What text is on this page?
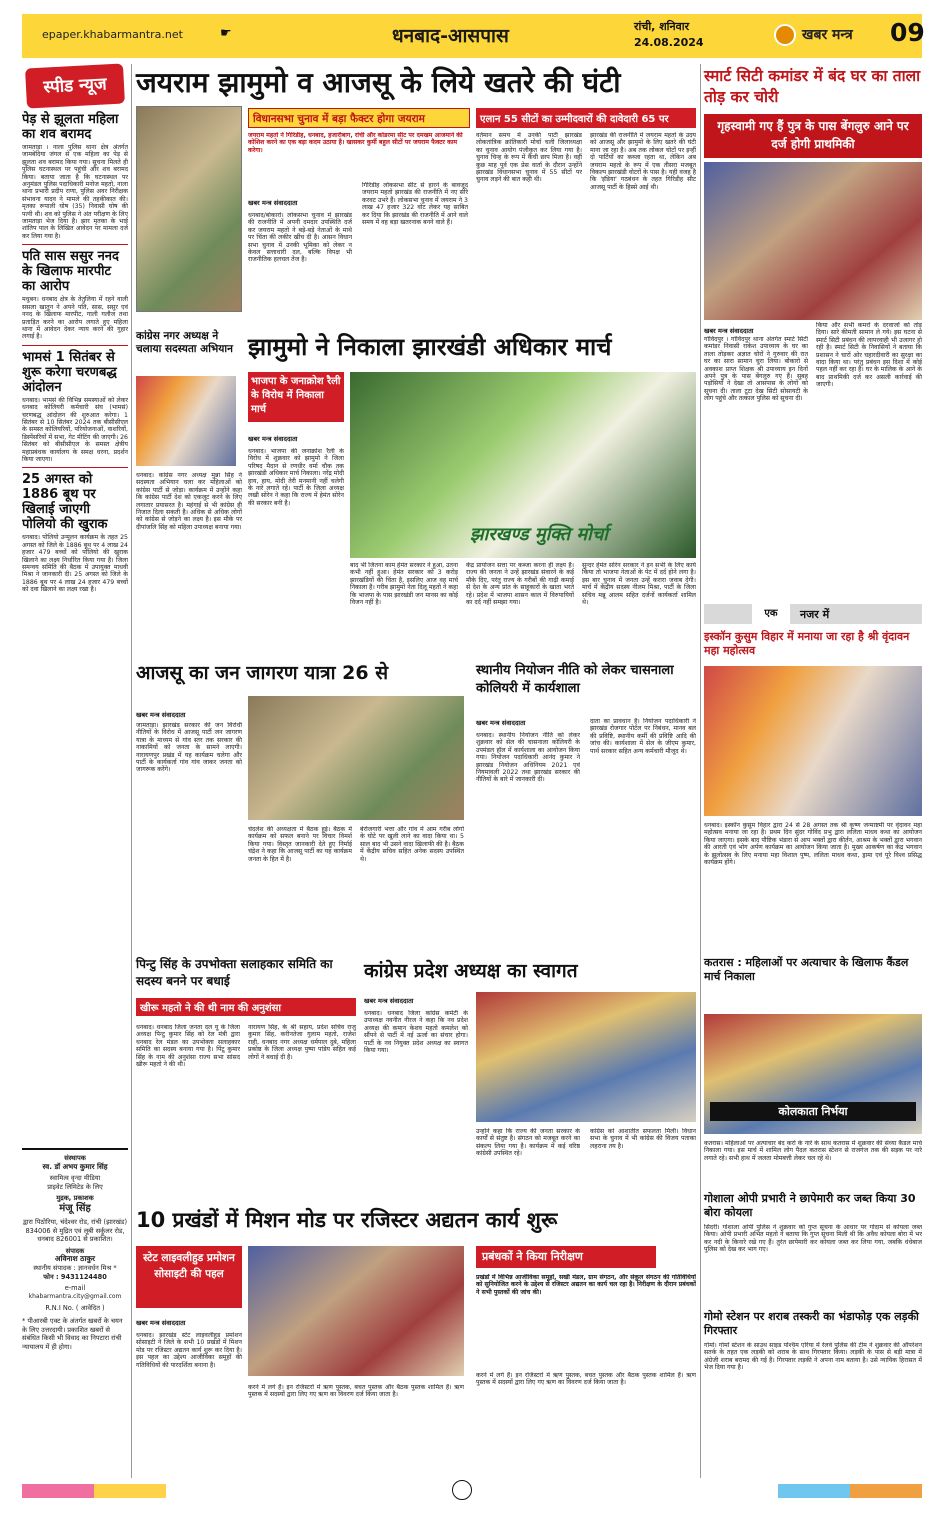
epaper.khabarmantra.net	☛	धनबाद-आसपास	रांची, शनिवार
24.08.2024	खबर मन्त्र 09
स्पीड न्यूज
पेड़ से झूलता महिला का शव बरामद
जामताड़ा । नाला पुलिस थाना क्षेत्र अंतर्गत जामबेदिया जंगल से एक महिला का पेड़ से झूलता शव बरामद किया गया। सूचना मिलते ही पुलिस घटनास्थल पर पहुंची और शव बरामद किया। बताया जाता है कि घटनास्थल पर अनुमंडल पुलिस पदाधिकारी मनोज महतो, नाला थाना प्रभारी प्रदीप राणा, पुलिस अवर निरीक्षक संभावना यादव ने मामले की तहकीकात की। मृतका रूपाली घोष (35) निवासी घोष की पत्नी थी। शव को पुलिस ने अंत परीक्षण के लिए जामताड़ा भेज दिया है। झार मृतका के भाई शांतिप पाल के लिखित आवेदन पर मामला दर्ज कर लिया गया है।
पति सास ससुर ननद के खिलाफ मारपीट का आरोप
मधुबन। धनबाद क्षेत्र के तेतुलिया में रहने वाली ससला खातून ने अपने पति, सास, ससुर एवं ननद के खिलाफ मारपीट, गाली गलौज तथा प्रताड़ित करने का आरोप लगाते हुए महिला थाना में आवेदन देकर न्याय करने की गुहार लगाई है।
भामसं 1 सितंबर से शुरू करेगा चरणबद्ध आंदोलन
धनबाद। भामसं की विभिन्न समस्याओं को लेकर धनबाद कोलियरी कर्मचारी संघ (भामसं) चरणबद्ध आंदोलन की शुरुआत करेगा। 1 सितंबर से 10 सितंबर 2024 तक बीसीसीएल के समस्त कोलियरियों, परियोजनाओं, वाशरियों, डिस्पेंसरियों में सभा, गेट मीटिंग की जाएगी। 26 सितंबर को बीसीसीएल के समस्त क्षेत्रीय महाप्रबंधक कार्यालय के समक्ष धरना, प्रदर्शन किया जाएगा।
25 अगस्त को 1886 बूथ पर खिलाई जाएगी पोलियो की खुराक
धनबाद। पोलियो उन्मूलन कार्यक्रम के तहत 25 अगस्त को जिले के 1886 बूथ पर 4 लाख 24 हजार 479 बच्चों को पोलियो की खुराक खिलाने का लक्ष्य निर्धारित किया गया है। जिला समन्वय समिति की बैठक में उपायुक्त माधवी मिश्रा ने जानकारी दी। 25 अगस्त को जिले के 1886 बूथ पर 4 लाख 24 हजार 479 बच्चों को दवा खिलाने का लक्ष्य रखा है।
संस्थापक
स्व. डॉ अभय कुमार सिंह
स्वामित्व वृन्दा मीडिया
प्राइवेट लिमिटेड के लिए
मुद्रक, प्रकाशक
मंजू सिंह
द्वारा पिठोरिया, चंदेश्वर रोड, रांची (झारखंड) 834006 से मुद्रित एवं लूबी सर्कुलर रोड, धनबाद 826001 से प्रकाशित।
संपादक
अविनाश ठाकुर
स्थानीय संपादक : ज्ञानवर्धन मिश्र *
फोन : 9431124480
e-mail
khabarmantra.city@gmail.com
R.N.I No. ( आवेदित )
* पीआरबी एक्ट के अंतर्गत खबरों के चयन के लिए उत्तरदायी। प्रकाशित खबरों से संबंधित किसी भी विवाद का निपटारा रांची न्यायालय में ही होगा।
जयराम झामुमो व आजसू के लिये खतरे की घंटी
विधानसभा चुनाव में बड़ा फैक्टर होगा जयराम	एलान 55 सीटों का उम्मीदवारों की दावेदारी 65 पर
जयराम महतो ने गिरिडीह, धनबाद, हजारीबाग, रांची और कोडरमा सीट पर दमखम आजमाने की कोशिश करने का एक बड़ा कदम उठाया है। खासकर कुर्मी बहुल सीटों पर जयराम फैक्टर काम करेगा।
खबर मन्त्र संवाददाता
धनबाद/बोकारो। लोकसभा चुनाव में झारखंड की राजनीति में अपनी दमदार उपस्थिति दर्ज कर जयराम महतो ने बड़े-बड़े नेताओं के माथे पर चिंता की लकीर खींच दी है। आसन विधान सभा चुनाव में उनकी भूमिका को लेकर न केवल सत्ताधारी दल, बल्कि विपक्ष भी राजनीतिक हलचल तेज है।
गिरिडीह लोकसभा सीट से हारने के बावजूद जयराम महतो झारखंड की राजनीति में नए सीरे करवट उभरे हैं। लोकसभा चुनाव में जयराम ने 3 लाख 47 हजार 322 वोट लेकर यह साबित कर दिया कि झारखंड की राजनीति में आने वाले समय में वह बड़ा खतरनाक बनने वाले हैं।
वर्तमान समय में उनकी पार्टी झारखंड लोकतांत्रिक क्रांतिकारी मोर्चा चली जिलाध्यक्षा का चुनाव आयोग पंजीकृत कर लिया गया है। चुनाव चिन्ह के रूप में कैंची छाप मिला है। वहीं कुछ माह पूर्व एक प्रेस वार्ता के दौरान उन्होंने झारखंड विधानसभा चुनाव में 55 सीटों पर चुनाव लड़ने की बात कही थी।
झारखंड की राजनीति में जयराम महतो के उदय को आजसू और झामुमो के लिए खतरे की घंटी माना जा रहा है। अब तक लोकल चोटों पर इन्हीं दो पार्टियों का कब्जा रहता था, लेकिन अब जयराम महतो के रूप में एक तीसरा मजबूत विकल्प झारखंडी वोटरों के पास है। यही वजह है कि 'इंडिया' गठबंधन के तहत गिरिडीह सीट आजसू पार्टी के हिस्से आई थी।
स्मार्ट सिटी कमांडर में बंद घर का ताला तोड़ कर चोरी
गृहस्वामी गए हैं पुत्र के पास बेंगलुरु आने पर दर्ज होगी प्राथमिकी
खबर मन्त्र संवाददाता
गोविंदपुर । गोविंदपुर थाना अंतर्गत स्मार्ट सिटी कमांडर निवासी राकेश उपाध्याय के घर का ताला तोड़कर अज्ञात चोरों ने गुरुवार की रात घर का सारा सामान चुरा लिया। बोकारो से अवकाश प्राप्त शिक्षक श्री उपाध्याय इन दिनों अपने पुत्र के पास बेंगलुरु गए हैं। सुबह पड़ोसियों ने देखा तो आसपास के लोगों को सूचना दी। ताला टूटा देख सिटी सोसायटी के लोग पहुंचे और तत्काल पुलिस को सूचना दी।
किया और सभी कमरों के दरवाजों को तोड़ दिया। सारे कीमती सामान ले गये। इस घटना से स्मार्ट सिटी प्रबंधन की लापरवाही भी उजागर हो रही है। स्मार्ट सिटी के निवासियों ने बताया कि प्रशासन ने चारों ओर चहारदीवारी का सुरक्षा का वादा किया था। परंतु प्रबंधन इस दिशा में कोई पहल नहीं कर रहा है। घर के मालिक के आने के बाद प्राथमिकी दर्ज कर असली कार्रवाई की जाएगी।
कांग्रेस नगर अध्यक्ष ने चलाया सदस्यता अभियान
धनबाद। कांग्रेस नगर अध्यक्ष मुन्ना सिंह ने सदस्यता अभियान चला कर महिलाओं को कांग्रेस पार्टी से जोड़ा। कार्यक्रम में उन्होंने कहा कि कांग्रेस पार्टी देश को एकजुट करने के लिए लगातार प्रयासरत है। महंगाई से भी कांग्रेस ही निजात दिला सकती है। अधिक से अधिक लोगों को कांग्रेस से जोड़ने का लक्ष्य है। इस मौके पर दीपांजलि सिंह को महिला उपाध्यक्ष बनाया गया।
झामुमो ने निकाला झारखंडी अधिकार मार्च
भाजपा के जनाक्रोश रैली के विरोध में निकाला मार्च
झारखण्ड मुक्ति मोर्चा
खबर मन्त्र संवाददाता
धनबाद। भाजपा की जनाक्रोश रैली के विरोध में शुक्रवार को झामुमो ने जिला परिषद मैदान से रणधीर वर्मा चौक तक झारखंडी अधिकार मार्च निकाला। नरेंद्र मोदी हाय, हाय, मोदी तेरी मनमानी नहीं चलेगी के नारे लगाते रहे। पार्टी के जिला अध्यक्ष लखी सोरेन ने कहा कि राज्य में हेमंत सोरेन की सरकार बनी है।
बाद भी जितना काम हेमंत सरकार ने हुआ, उतना कभी नहीं हुआ। हेमंत सरकार को 3 करोड़ झारखंडियों की चिंता है, इसलिए आज वह मार्च निकाला है। गरीब झामुमो नेता दिलू महतो ने कहा कि भाजपा के पास झारखंडी जन मानस का कोई विजन नहीं है।
केंद्र प्रायोजन सत्ता पर कब्जा करना ही लक्ष्य है। राज्य की जनता ने उन्हें झारखंड संवारने के कई मौके दिए, परंतु राज्य के गरीबों की गाढ़ी कमाई से देश के अन्य प्रांत के साहूकारों के खाता भरते रहे। प्रदेश में भाजपा शासन काल में विरुपायियों का दर्द नहीं समझा गया।
सुन्दर हेमंत सोरेन सरकार ने इन सभी के लिए कार्य किया तो भाजपा नेताओं के पेट में दर्द होने लगा है। इस बार चुनाव में जनता उन्हें करारा जवाब देगी। मार्च में केंद्रीय सदस्य नीलम मिश्रा, पार्टी के जिला सचिव मन्नू आलम सहित दर्जनों कार्यकर्ता शामिल थे।
एक	नजर में
इस्कॉन कुसुम विहार में मनाया जा रहा है श्री वृंदावन महा महोत्सव
धनबाद। इस्कॉन कुसुम विहार द्वारा 24 से 28 अगस्त तक श्री कृष्ण जन्माष्टमी पर वृंदावन महा महोत्सव मनाया जा रहा है। प्रथम दिन सुंदर गोविंद प्रभु द्वारा ललिता माधव कथा का आयोजन किया जाएगा। इसके बाद पौष्टिक भंडारा से आप भक्तों द्वारा कीर्तन, आश्रम के भक्तों द्वारा भगवान की आरती एवं भोग अर्पण कार्यक्रम का आयोजन किया जाता है। मुख्य आकर्षण का केंद्र भगवान के झूलोत्सव के लिए मनाया महा विशाल पुष्प, ललिता माधव कथा, ड्रामा एवं पूरे विश्व प्रसिद्ध कार्यक्रम होंगे।
कतरास : महिलाओं पर अत्याचार के खिलाफ कैंडल मार्च निकाला
कोलकाता निर्भया
कतरास। महिलाओं पर अत्याचार बंद करो के नारे के साथ कतरास में शुक्रवार की संध्या कैंडल मार्च निकाला गया। इस मार्च में शामिल लोग पैदल कतरास स्टेशन से राजगंज तक की सड़क पर नारे लगाते रहे। सभी हाथ में जलता मोमबत्ती लेकर चल रहे थे।
गोशाला ओपी प्रभारी ने छापेमारी कर जब्त किया 30 बोरा कोयला
सिंदरी। गोशाला ओपी पुलिस ने शुक्रवार को गुप्त सूचना के आधार पर गोदाम से कोयला जब्त किया। ओपी प्रभारी अभित महतो ने बताया कि गुप्त सूचना मिली थी कि अवैध कोयला बोरा में भर कर नदी के किनारे रखे गए हैं। तुरंत छापेमारी कर कोयला जब्त कर लिया गया, जबकि धंधेबाज पुलिस को देख कर भाग गए।
गोमो स्टेशन पर शराब तस्करी का भंडाफोड़ एक लड़की गिरफ्तार
गोमो। गोमो स्टेशन के साउथ साइड पश्चिम एरिया में रेलवे पुलिस की टीम ने शुक्रवार की ऑपरेशन सतर्क के तहत एक लड़की को शराब के साथ गिरफ्तार किया। लड़की के पास से बड़ी मात्रा में अंग्रेजी शराब बरामद की गई है। गिरफ्तार लड़की ने अपना नाम बताया है। उसे न्यायिक हिरासत में भेज दिया गया है।
आजसू का जन जागरण यात्रा 26 से
खबर मन्त्र संवाददाता
जामताड़ा। झारखंड सरकार की जन विरोधी नीतियों के विरोध में आजसू पार्टी जन जागरण यात्रा के माध्यम से गांव स्तर तक सरकार की नाकामियों को जनता के सामने लाएगी। नारायणपुर प्रखंड में यह कार्यक्रम चलेगा और पार्टी के कार्यकर्ता गांव गांव जाकर जनता को जागरूक करेंगे।
चंदलेश की अध्यक्षता में बैठक हुई। बैठक में कार्यक्रम को सफल बनाने पर विचार विमर्श किया गया। विस्तृत जानकारी देते हुए निर्माई चंद्रेश ने कहा कि आजसू पार्टी का यह कार्यक्रम जनता के हित में है।
बेरोजगारी भत्ता और गांव में आम गरीब लोगों के घोटे पर खुली लाने का वादा किया था। 5 साल बाद भी उसने वादा खिलाफी की है। बैठक में केंद्रीय सचिव सहित अनेक सदस्य उपस्थित थे।
स्थानीय नियोजन नीति को लेकर चासनाला कोलियरी में कार्यशाला
खबर मन्त्र संवाददाता
धनबाद। स्थानीय नियोजन नीति को लेकर शुक्रवार को सेल की चासनाला कोलियरी के उपमंडल हॉल में कार्यशाला का आयोजन किया गया। नियोजन पदाधिकारी आनंद कुमार ने झारखंड नियोजन अधिनियम 2021 एवं नियमावली 2022 तथा झारखंड सरकार की नीतियों के बारे में जानकारी दी।
दाता का प्रावधान है। नियोजन पदाधिकारी ने झारखंड रोजगार पोर्टल पर निबंधन, मानव बल की प्रविष्टि, स्थानीय कर्मी की प्रविष्टि आदि की जांच की। कार्यशाला में सेल के जीएम कुमार, पार्थ सरकार सहित अन्य कर्मचारी मौजूद थे।
पिन्टु सिंह के उपभोक्ता सलाहकार समिति का सदस्य बनने पर बधाई
खीरू महतो ने की थी नाम की अनुशंसा
धनबाद। धनबाद जिला जनता दल यू के जिला अध्यक्ष पिन्टु कुमार सिंह को रेल मंत्री द्वारा धनबाद रेल मंडल का उपभोक्ता सलाहकार समिति का सदस्य बनाया गया है। पिंटू कुमार सिंह के नाम की अनुशंसा राज्य सभा सांसद खीरू महतो ने की थी।
नारायण सिंह, के श्री सहाय, प्रदेश सचिव राजु कुमार सिंह, करीनतेजा गुलाम महतो, राजेश राही, धनबाद नगर अध्यक्ष धर्मपाल दुबे, महिला प्रकोष्ठ के जिला अध्यक्ष पुष्पा पांडेय सहित कई लोगों ने बधाई दी है।
कांग्रेस प्रदेश अध्यक्ष का स्वागत
खबर मन्त्र संवाददाता
धनबाद। धनबाद जिला कांग्रेस कमेटी के उपाध्यक्ष नवनीत नीरज ने कहा कि नव प्रदेश अध्यक्ष की कमान केशव महतो कमलेश को सौंपने से पार्टी में नई ऊर्जा का संचार होगा। पार्टी के नव नियुक्त प्रदेश अध्यक्ष का स्वागत किया गया।
उन्होंने कहा कि राज्य की जनता सरकार के कार्यों से संतुष्ट है। संगठन को मजबूत करने का संकल्प लिया गया है। कार्यक्रम में कई वरिष्ठ कांग्रेसी उपस्थित रहे।
कांग्रेस को आशातीत सफलता मिली। विधान सभा के चुनाव में भी कांग्रेस की विजय पताका लहराना तय है।
10 प्रखंडों में मिशन मोड पर रजिस्टर अद्यतन कार्य शुरू
स्टेट लाइवलीहुड प्रमोशन सोसाइटी की पहल
खबर मन्त्र संवाददाता
धनबाद। झारखंड स्टेट लाइवलीहुड प्रमोशन सोसाइटी ने जिले के सभी 10 प्रखंडों में मिशन मोड पर रजिस्टर अद्यतन कार्य शुरू कर दिया है। इस पहल का उद्देश्य आजीविका समूहों की गतिविधियों की पारदर्शिता बनाना है।
करने में लगे हैं। इन रजिस्टरों में ऋण पुस्तक, बचत पुस्तक और बैठक पुस्तक शामिल हैं। ऋण पुस्तक में सदस्यों द्वारा लिए गए ऋण का विवरण दर्ज किया जाता है।
प्रबंधकों ने किया निरीक्षण
प्रखंडों में विभिन्न आजीविका समूहों, सखी मंडल, ग्राम संगठन, और संकुल संगठन की गतिविधियों को सुनियोजित करने के उद्देश्य से रजिस्टर अद्यतन का कार्य चल रहा है। निरीक्षण के दौरान प्रबंधकों ने सभी पुस्तकों की जांच की।
करने में लगे हैं। इन रजिस्टरों में ऋण पुस्तक, बचत पुस्तक और बैठक पुस्तक शामिल हैं। ऋण पुस्तक में सदस्यों द्वारा लिए गए ऋण का विवरण दर्ज किया जाता है।
